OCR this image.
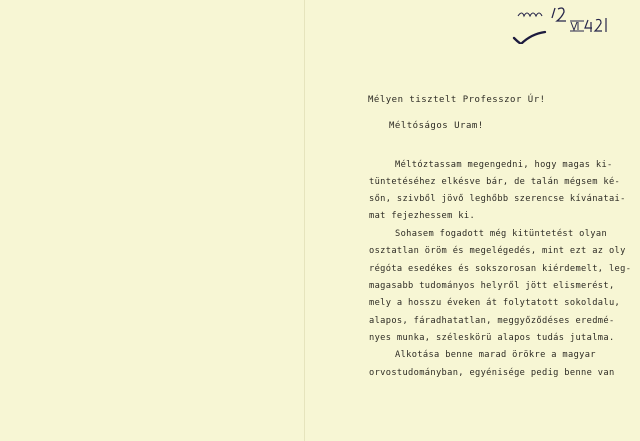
Mélyen tisztelt Professzor Úr!
Méltóságos Uram!
Méltóztassam megengedni, hogy magas ki-
tüntetéséhez elkésve bár, de talán mégsem ké-
sőn, szivből jövő leghőbb szerencse kívánatai-
mat fejezhessem ki.
Sohasem fogadott még kitüntetést olyan
osztatlan öröm és megelégedés, mint ezt az oly
régóta esedékes és sokszorosan kiérdemelt, leg-
magasabb tudományos helyről jött elismerést,
mely a hosszu éveken át folytatott sokoldalu,
alapos, fáradhatatlan, meggyőződéses eredmé-
nyes munka, széleskörü alapos tudás jutalma.
Alkotása benne marad örökre a magyar
orvostudományban, egyénisége pedig benne van
